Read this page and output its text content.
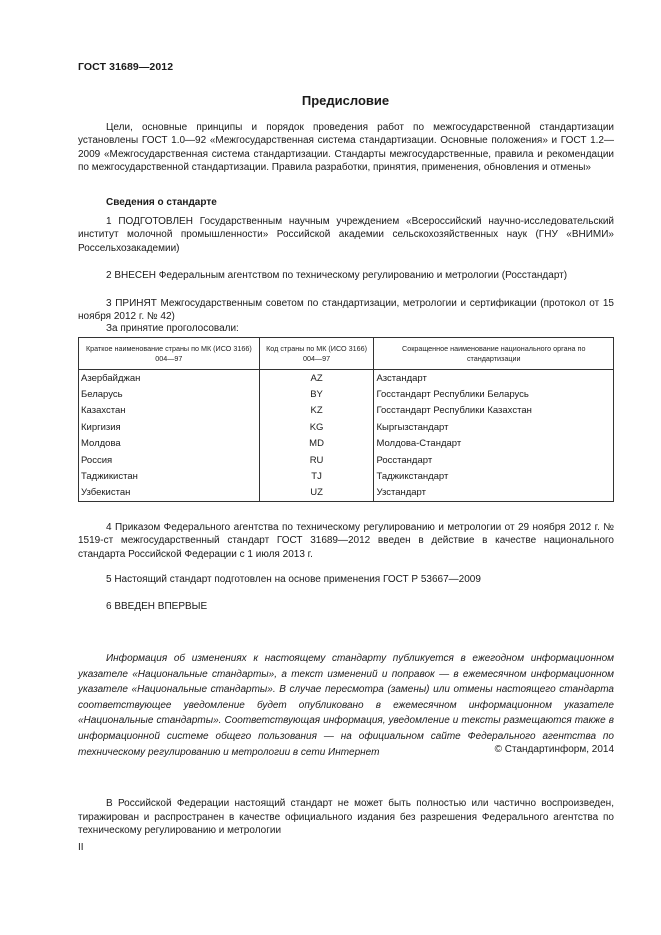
ГОСТ 31689—2012
Предисловие
Цели, основные принципы и порядок проведения работ по межгосударственной стандартизации установлены ГОСТ 1.0—92 «Межгосударственная система стандартизации. Основные положения» и ГОСТ 1.2—2009 «Межгосударственная система стандартизации. Стандарты межгосударственные, правила и рекомендации по межгосударственной стандартизации. Правила разработки, принятия, применения, обновления и отмены»
Сведения о стандарте
1 ПОДГОТОВЛЕН Государственным научным учреждением «Всероссийский научно-исследовательский институт молочной промышленности» Российской академии сельскохозяйственных наук (ГНУ «ВНИМИ» Россельхозакадемии)
2 ВНЕСЕН Федеральным агентством по техническому регулированию и метрологии (Росстандарт)
3 ПРИНЯТ Межгосударственным советом по стандартизации, метрологии и сертификации (протокол от 15 ноября 2012 г. № 42)
За принятие проголосовали:
Краткое наименование страны по МК (ИСО 3166) 004—97	Код страны по МК (ИСО 3166) 004—97	Сокращенное наименование национального органа по стандартизации
Азербайджан	AZ	Азстандарт
Беларусь	BY	Госстандарт Республики Беларусь
Казахстан	KZ	Госстандарт Республики Казахстан
Киргизия	KG	Кыргызстандарт
Молдова	MD	Молдова-Стандарт
Россия	RU	Росстандарт
Таджикистан	TJ	Таджикстандарт
Узбекистан	UZ	Узстандарт
4 Приказом Федерального агентства по техническому регулированию и метрологии от 29 ноября 2012 г. № 1519-ст межгосударственный стандарт ГОСТ 31689—2012 введен в действие в качестве национального стандарта Российской Федерации с 1 июля 2013 г.
5 Настоящий стандарт подготовлен на основе применения ГОСТ Р 53667—2009
6 ВВЕДЕН ВПЕРВЫЕ
Информация об изменениях к настоящему стандарту публикуется в ежегодном информационном указателе «Национальные стандарты», а текст изменений и поправок — в ежемесячном информационном указателе «Национальные стандарты». В случае пересмотра (замены) или отмены настоящего стандарта соответствующее уведомление будет опубликовано в ежемесячном информационном указателе «Национальные стандарты». Соответствующая информация, уведомление и тексты размещаются также в информационной системе общего пользования — на официальном сайте Федерального агентства по техническому регулированию и метрологии в сети Интернет	© Стандартинформ, 2014
В Российской Федерации настоящий стандарт не может быть полностью или частично воспроизведен, тиражирован и распространен в качестве официального издания без разрешения Федерального агентства по техническому регулированию и метрологии
II
